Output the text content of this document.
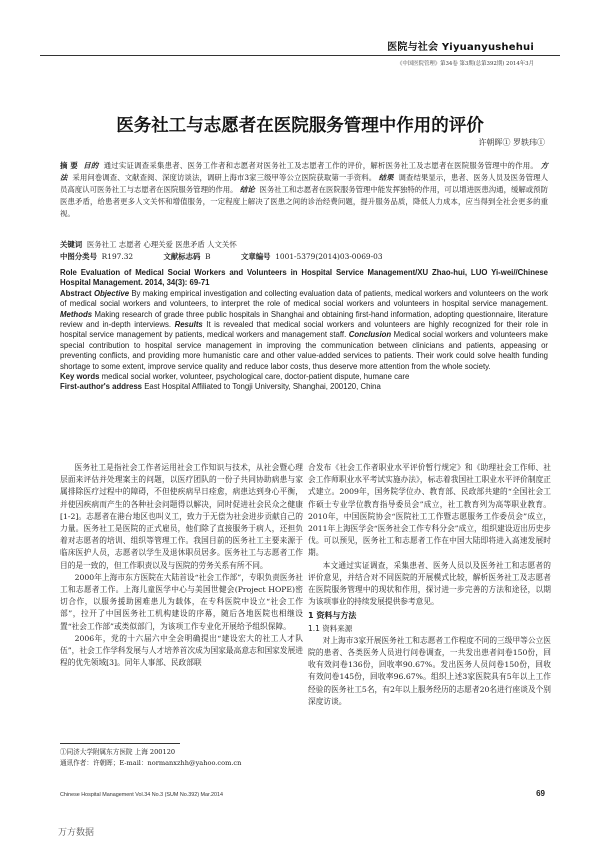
医院与社会 Yiyuanyushehui
《中国医院管理》第34卷 第3期(总第392期) 2014年3月
医务社工与志愿者在医院服务管理中作用的评价
许朝晖① 罗轶玮①
摘 要 目的 通过实证调查采集患者、医务工作者和志愿者对医务社工及志愿者工作的评价，解析医务社工及志愿者在医院服务管理中的作用。 方法 采用问卷调查、文献查阅、深度访谈法，调研上海市3家三级甲等公立医院获取第一手资料。 结果 调查结果显示，患者、医务人员及医务管理人员高度认可医务社工与志愿者在医院服务管理的作用。 结论 医务社工和志愿者在医院服务管理中能发挥独特的作用，可以增进医患沟通，缓解或预防医患矛盾，给患者更多人文关怀和增值服务，一定程度上解决了医患之间的诊治经费问题，提升服务品质，降低人力成本，应当得到全社会更多的重视。
关键词 医务社工 志愿者 心理关爱 医患矛盾 人文关怀
中图分类号 R197.32	文献标志码 B	文章编号 1001-5379(2014)03-0069-03
Role Evaluation of Medical Social Workers and Volunteers in Hospital Service Management/XU Zhao-hui, LUO Yi-wei//Chinese Hospital Management. 2014, 34(3): 69-71
Abstract Objective By making empirical investigation and collecting evaluation data of patients, medical workers and volunteers on the work of medical social workers and volunteers, to interpret the role of medical social workers and volunteers in hospital service management. Methods Making research of grade three public hospitals in Shanghai and obtaining first-hand information, adopting questionnaire, literature review and in-depth interviews. Results It is revealed that medical social workers and volunteers are highly recognized for their role in hospital service management by patients, medical workers and management staff. Conclusion Medical social workers and volunteers make special contribution to hospital service management in improving the communication between clinicians and patients, appeasing or preventing conflicts, and providing more humanistic care and other value-added services to patients. Their work could solve health funding shortage to some extent, improve service quality and reduce labor costs, thus deserve more attention from the whole society.
Key words medical social worker, volunteer, psychological care, doctor-patient dispute, humane care
First-author's address East Hospital Affiliated to Tongji University, Shanghai, 200120, China

医务社工是指社会工作者运用社会工作知识与技术，从社会暨心理层面来评估并处理案主的问题，以医疗团队的一份子共同协助病患与家属排除医疗过程中的障碍，不但使疾病早日痊愈，病患达到身心平衡，并使因疾病而产生的各种社会问题得以解决，同时促进社会民众之健康[1-2]。志愿者在港台地区也叫义工，致力于无偿为社会进步贡献自己的力量。医务社工是医院的正式雇员，他们除了直接服务于病人，还担负着对志愿者的培训、组织等管理工作。我国目前的医务社工主要来源于临床医护人员，志愿者以学生及退休职员居多。医务社工与志愿者工作目的是一致的，但工作职责以及与医院的劳务关系有所不同。

2000年上海市东方医院在大陆首设“社会工作部”，专职负责医务社工和志愿者工作。上海儿童医学中心与美国世健会(Project HOPE)密切合作，以服务援助困难患儿为载体，在专科医院中设立“社会工作部”，拉开了中国医务社工机构建设的序幕，随后各地医院也相继设置“社会工作部”或类似部门，为该项工作专业化开展给予组织保障。

2006年，党的十六届六中全会明确提出“建设宏大的社工人才队伍”，社会工作学科发展与人才培养首次成为国家最高意志和国家发展进程的优先领域[3]。同年人事部、民政部联

合发布《社会工作者职业水平评价暂行规定》和《助理社会工作师、社会工作师职业水平考试实施办法》，标志着我国社工职业水平评价制度正式建立。2009年，国务院学位办、教育部、民政部共建的“全国社会工作硕士专业学位教育指导委员会”成立，社工教育列为高等职业教育。2010年，中国医院协会“医院社工工作暨志愿服务工作委员会”成立，2011年上海医学会“医务社会工作专科分会”成立，组织建设迈出历史步伐。可以预见，医务社工和志愿者工作在中国大陆即将进入高速发展时期。

本文通过实证调查，采集患者、医务人员以及医务社工和志愿者的评价意见，并结合对不同医院的开展模式比较，解析医务社工及志愿者在医院服务管理中的现状和作用，探讨进一步完善的方法和途径，以期为该项事业的持续发展提供参考意见。

1 资料与方法
1.1 资料来源

对上海市3家开展医务社工和志愿者工作程度不同的三级甲等公立医院的患者、各类医务人员进行问卷调查，一共发出患者问卷150份，回收有效问卷136份，回收率90.67%。发出医务人员问卷150份，回收有效问卷145份，回收率96.67%。组织上述3家医院具有5年以上工作经验的医务社工5名，有2年以上服务经历的志愿者20名进行座谈及个别深度访谈。

①同济大学附属东方医院 上海 200120
通讯作者：许朝晖；E-mail：normanxzhh@yahoo.com.cn
Chinese Hospital Management Vol.34 No.3 (SUM No.392) Mar.2014	69
万方数据
